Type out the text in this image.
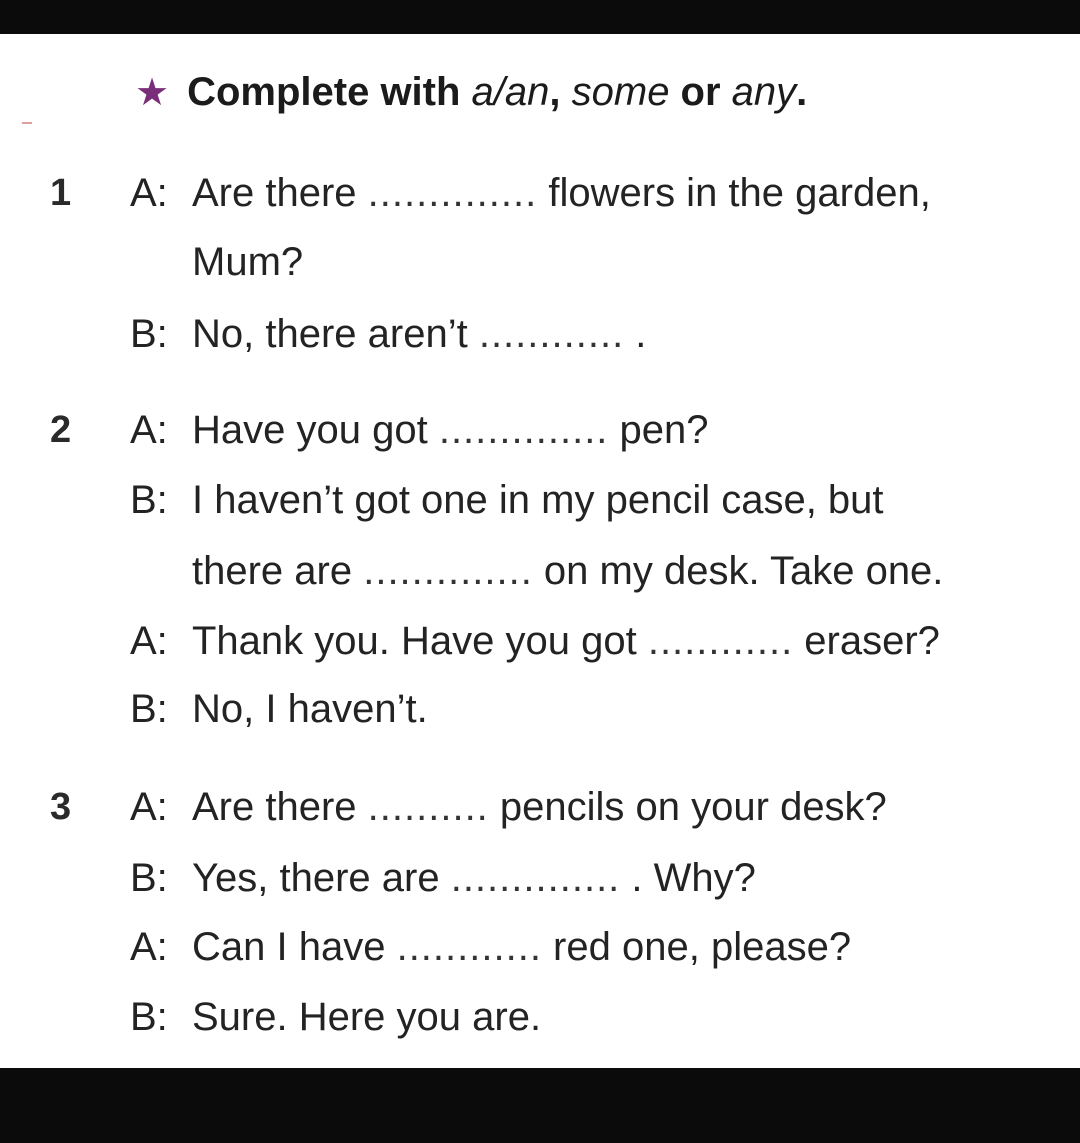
★ Complete with a/an, some or any.
1 A: Are there .............. flowers in the garden,
Mum?
B: No, there aren’t ............ .
2 A: Have you got .............. pen?
B: I haven’t got one in my pencil case, but
there are .............. on my desk. Take one.
A: Thank you. Have you got ............ eraser?
B: No, I haven’t.
3 A: Are there .......... pencils on your desk?
B: Yes, there are .............. . Why?
A: Can I have ............ red one, please?
B: Sure. Here you are.
